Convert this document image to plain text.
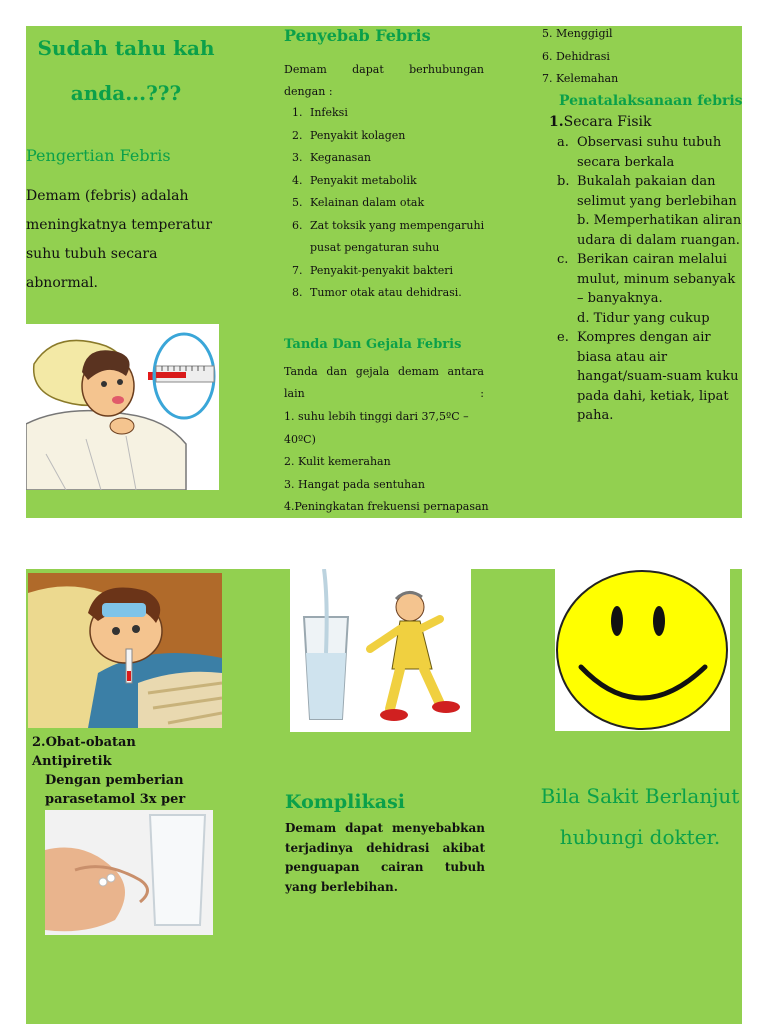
Sudah tahu kah anda...???
Pengertian Febris
Demam (febris) adalah meningkatnya temperatur suhu tubuh secara abnormal.
Penyebab Febris
Demam dapat berhubungan
dengan :
1. Infeksi
2. Penyakit kolagen
3. Keganasan
4. Penyakit metabolik
5. Kelainan dalam otak
6. Zat toksik yang mempengaruhi pusat pengaturan suhu
7. Penyakit-penyakit bakteri
8. Tumor otak atau dehidrasi.
Tanda Dan Gejala Febris
Tanda dan gejala demam antara
lain	:
1. suhu lebih tinggi dari 37,5ºC – 40ºC)
2. Kulit kemerahan
3. Hangat pada sentuhan
4.Peningkatan frekuensi pernapasan
5. Menggigil
6. Dehidrasi
7. Kelemahan
Penatalaksanaan febris
1.Secara Fisik
a. Observasi suhu tubuh secara berkala
b. Bukalah pakaian dan selimut yang berlebihan
b. Memperhatikan aliran udara di dalam ruangan.
c. Berikan cairan melalui mulut, minum sebanyak – banyaknya.
d. Tidur yang cukup
e. Kompres dengan air biasa atau air hangat/suam-suam kuku pada dahi, ketiak, lipat paha.
2.Obat-obatan Antipiretik
Dengan pemberian parasetamol 3x per	Komplikasi
Demam dapat menyebabkan terjadinya dehidrasi akibat penguapan cairan tubuh yang berlebihan.
Bila Sakit Berlanjut
hubungi dokter.
